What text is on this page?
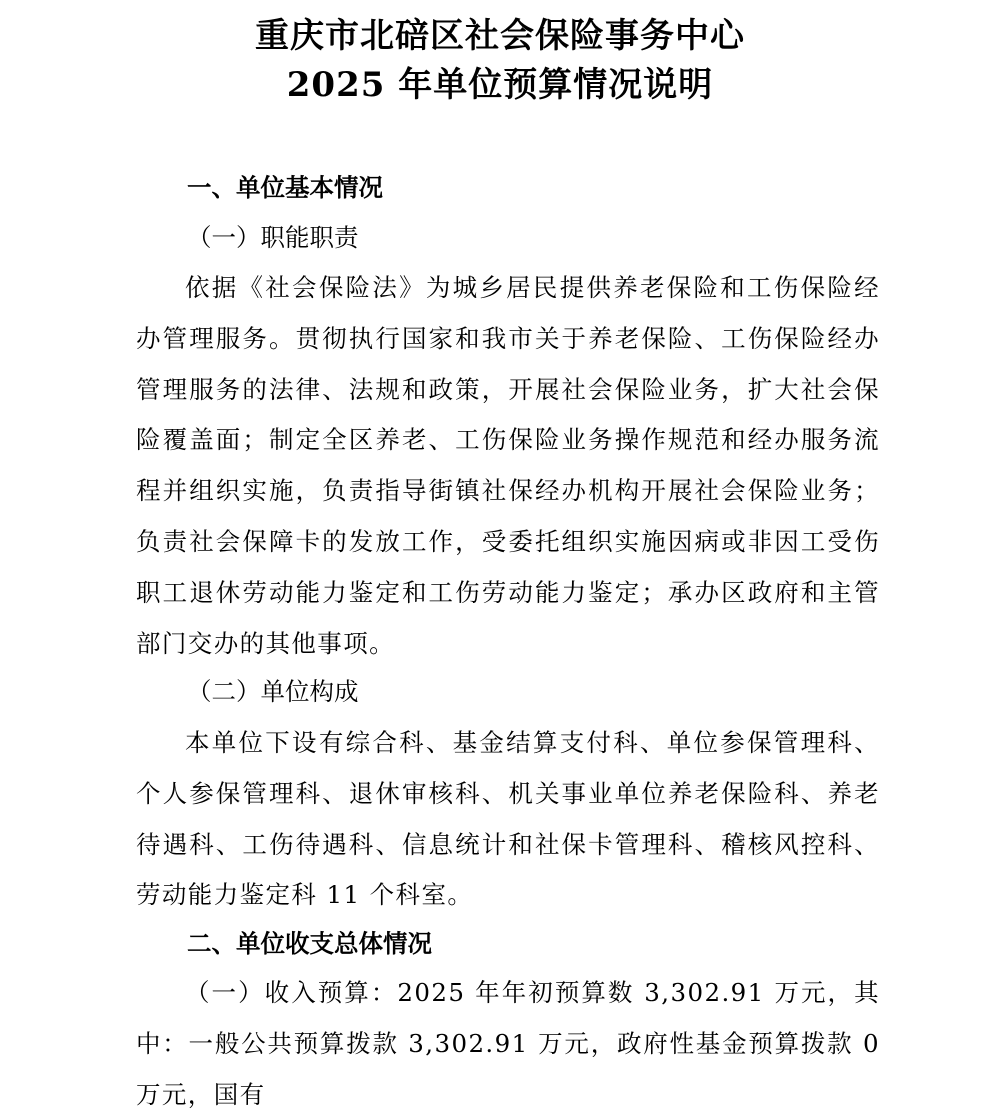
重庆市北碚区社会保险事务中心
2025 年单位预算情况说明
一、单位基本情况
（一）职能职责
依据《社会保险法》为城乡居民提供养老保险和工伤保险经办管理服务。贯彻执行国家和我市关于养老保险、工伤保险经办管理服务的法律、法规和政策，开展社会保险业务，扩大社会保险覆盖面；制定全区养老、工伤保险业务操作规范和经办服务流程并组织实施，负责指导街镇社保经办机构开展社会保险业务；负责社会保障卡的发放工作，受委托组织实施因病或非因工受伤职工退休劳动能力鉴定和工伤劳动能力鉴定；承办区政府和主管部门交办的其他事项。
（二）单位构成
本单位下设有综合科、基金结算支付科、单位参保管理科、个人参保管理科、退休审核科、机关事业单位养老保险科、养老待遇科、工伤待遇科、信息统计和社保卡管理科、稽核风控科、劳动能力鉴定科 11 个科室。
二、单位收支总体情况
（一）收入预算：2025 年年初预算数 3,302.91 万元，其中：一般公共预算拨款 3,302.91 万元，政府性基金预算拨款 0 万元，国有
